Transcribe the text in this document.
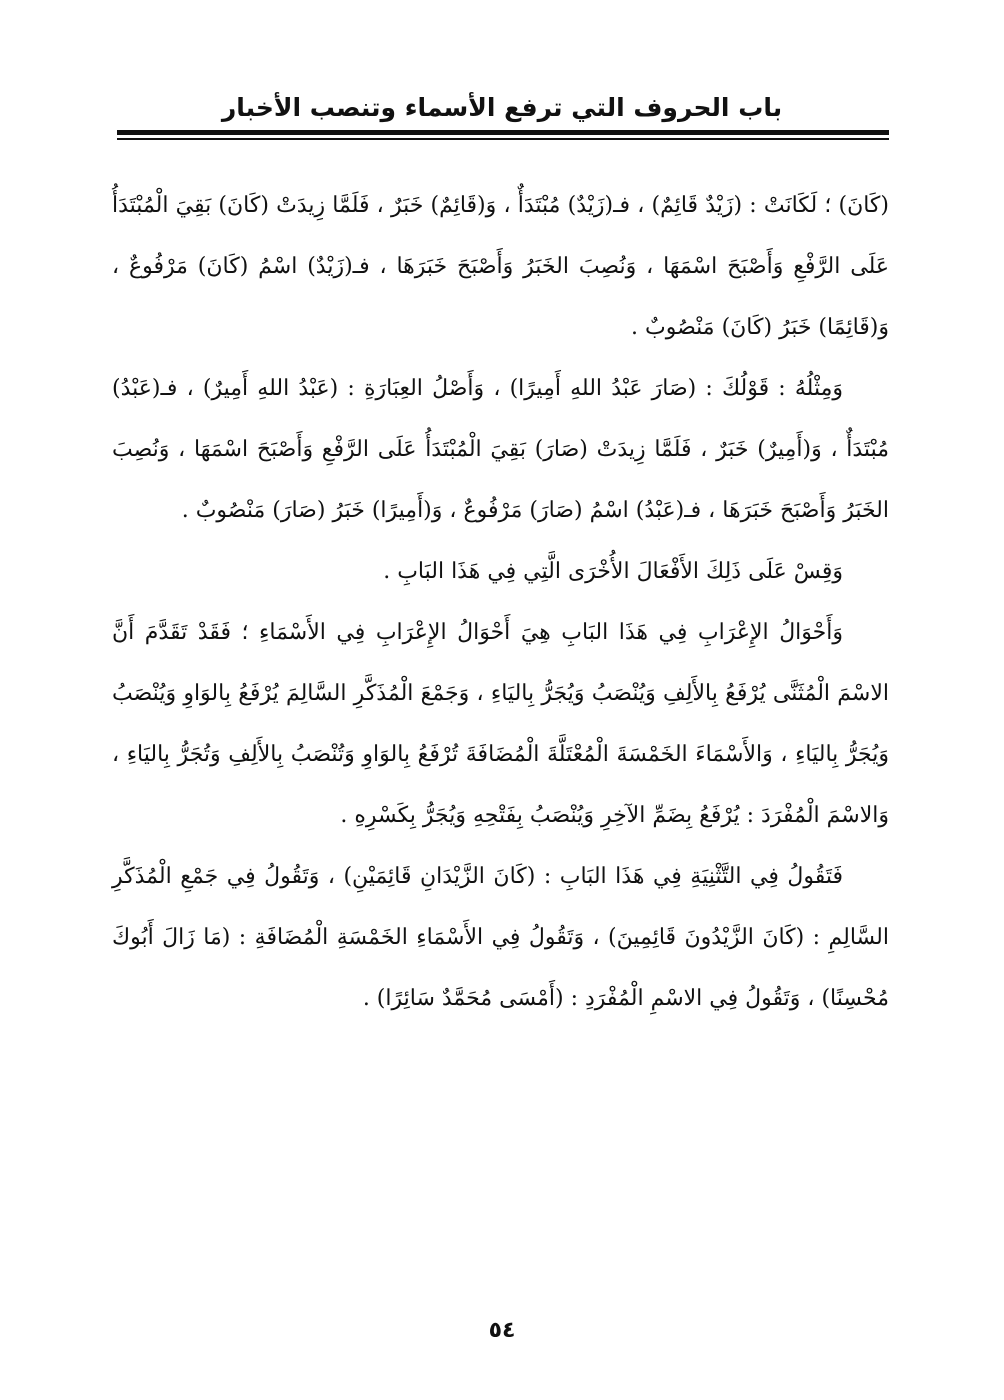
باب الحروف التي ترفع الأسماء وتنصب الأخبار

(كَانَ) ؛ لَكَانَتْ : (زَيْدٌ قَائِمٌ) ، فـ(زَيْدٌ) مُبْتَدَأٌ ، وَ(قَائِمٌ) خَبَرٌ ، فَلَمَّا زِيدَتْ (كَانَ) بَقِيَ الْمُبْتَدَأُ عَلَى الرَّفْعِ وَأَصْبَحَ اسْمَهَا ، وَنُصِبَ الخَبَرُ وَأَصْبَحَ خَبَرَهَا ، فـ(زَيْدٌ) اسْمُ (كَانَ) مَرْفُوعٌ ، وَ(قَائِمًا) خَبَرُ (كَانَ) مَنْصُوبٌ .

وَمِثْلُهُ : قَوْلُكَ : (صَارَ عَبْدُ اللهِ أَمِيرًا) ، وَأَصْلُ العِبَارَةِ : (عَبْدُ اللهِ أَمِيرٌ) ، فـ(عَبْدُ) مُبْتَدَأٌ ، وَ(أَمِيرٌ) خَبَرٌ ، فَلَمَّا زِيدَتْ (صَارَ) بَقِيَ الْمُبْتَدَأُ عَلَى الرَّفْعِ وَأَصْبَحَ اسْمَهَا ، وَنُصِبَ الخَبَرُ وَأَصْبَحَ خَبَرَهَا ، فـ(عَبْدُ) اسْمُ (صَارَ) مَرْفُوعٌ ، وَ(أَمِيرًا) خَبَرُ (صَارَ) مَنْصُوبٌ .

وَقِسْ عَلَى ذَلِكَ الأَفْعَالَ الأُخْرَى الَّتِي فِي هَذَا البَابِ .

وَأَحْوَالُ الإِعْرَابِ فِي هَذَا البَابِ هِيَ أَحْوَالُ الإِعْرَابِ فِي الأَسْمَاءِ ؛ فَقَدْ تَقَدَّمَ أَنَّ الاسْمَ الْمُثَنَّى يُرْفَعُ بِالأَلِفِ وَيُنْصَبُ وَيُجَرُّ بِاليَاءِ ، وَجَمْعَ الْمُذَكَّرِ السَّالِمَ يُرْفَعُ بِالوَاوِ وَيُنْصَبُ وَيُجَرُّ بِاليَاءِ ، وَالأَسْمَاءَ الخَمْسَةَ الْمُعْتَلَّةَ الْمُضَافَةَ تُرْفَعُ بِالوَاوِ وَتُنْصَبُ بِالأَلِفِ وَتُجَرُّ بِاليَاءِ ، وَالاسْمَ الْمُفْرَدَ : يُرْفَعُ بِضَمِّ الآخِرِ وَيُنْصَبُ بِفَتْحِهِ وَيُجَرُّ بِكَسْرِهِ .

فَتَقُولُ فِي التَّثْنِيَةِ فِي هَذَا البَابِ : (كَانَ الزَّيْدَانِ قَائِمَيْنِ) ، وَتَقُولُ فِي جَمْعِ الْمُذَكَّرِ السَّالِمِ : (كَانَ الزَّيْدُونَ قَائِمِينَ) ، وَتَقُولُ فِي الأَسْمَاءِ الخَمْسَةِ الْمُضَافَةِ : (مَا زَالَ أَبُوكَ مُحْسِنًا) ، وَتَقُولُ فِي الاسْمِ الْمُفْرَدِ : (أَمْسَى مُحَمَّدٌ سَائِرًا) .

٥٤
